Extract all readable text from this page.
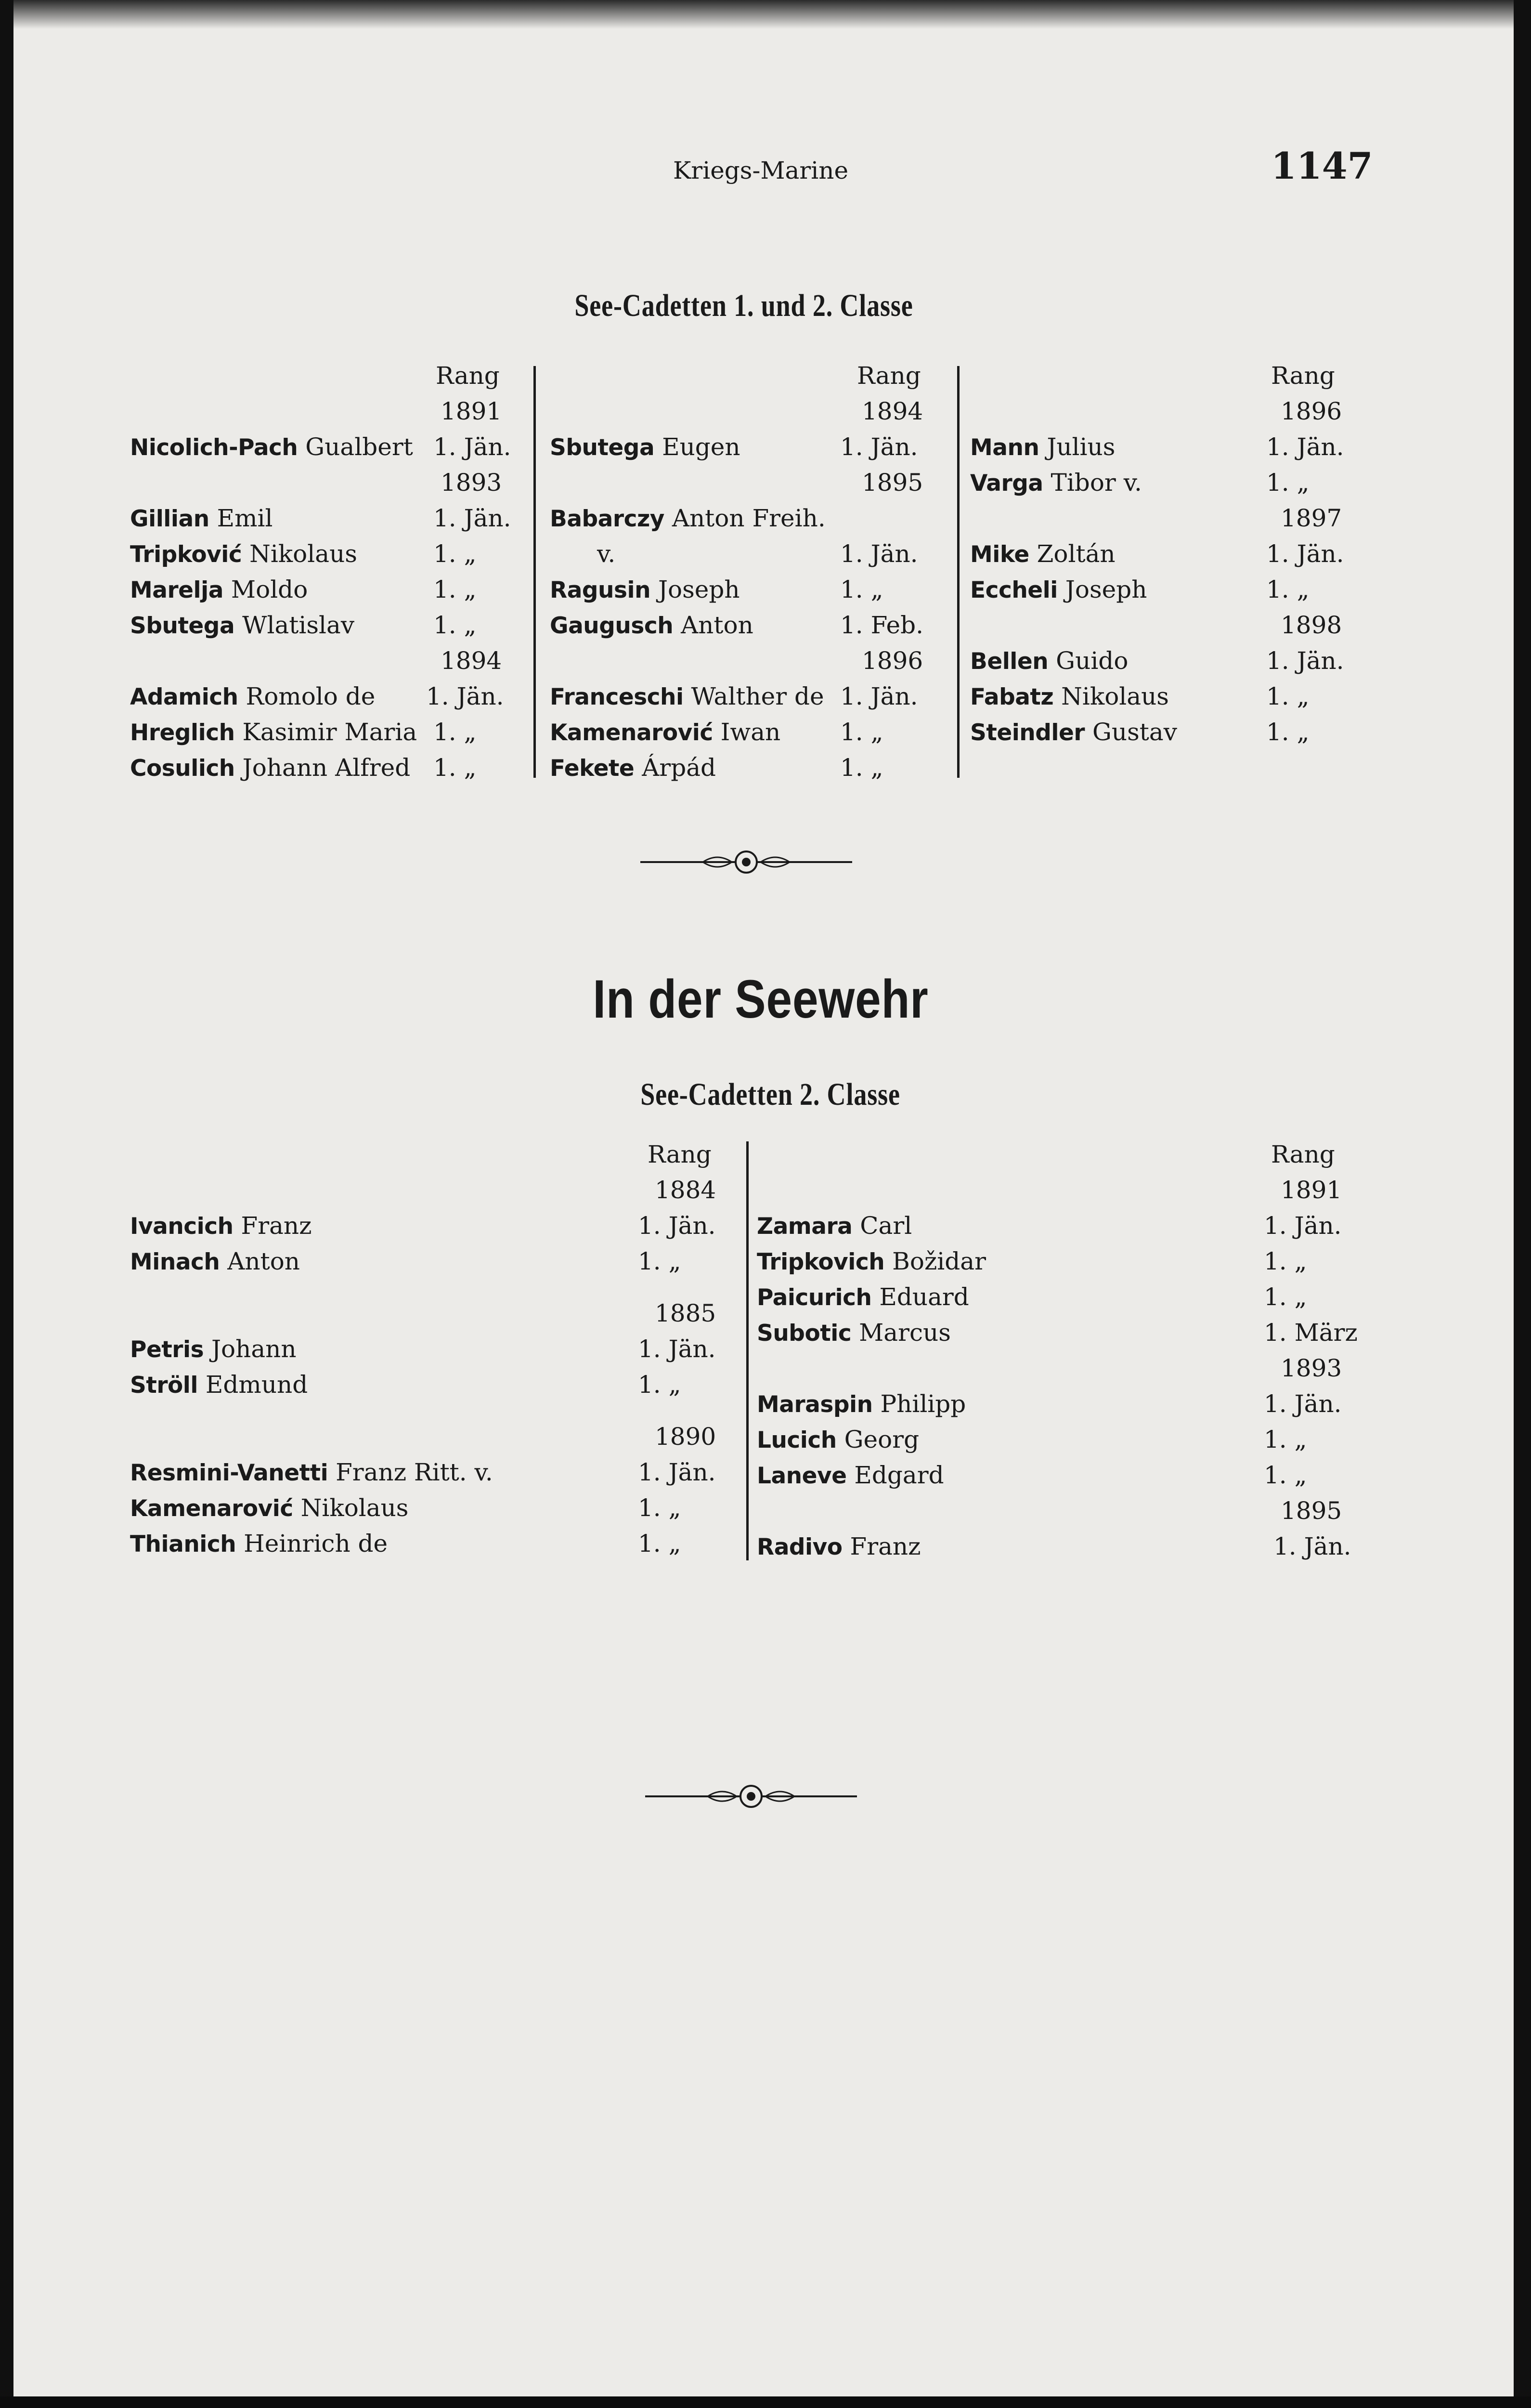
Kriegs-Marine	1147
See-Cadetten 1. und 2. Classe
Rang
1891
Nicolich-Pach Gualbert 1. Jän.
1893
Gillian Emil	1. Jän.
Tripković Nikolaus	1. „
Marelja Moldo	1. „
Sbutega Wlatislav	1. „
1894
Adamich Romolo de 1. Jän.
Hreglich Kasimir Maria 1. „
Cosulich Johann Alfred 1. „
Rang
1894
Sbutega Eugen	1. Jän.
1895
Babarczy Anton Freih.
v.	1. Jän.
Ragusin Joseph	1. „
Gaugusch Anton	1. Feb.
1896
Franceschi Walther de 1. Jän.
Kamenarović Iwan 1. „
Fekete Árpád	1. „
Rang
1896
Mann Julius	1. Jän.
Varga Tibor v.	1. „
1897
Mike Zoltán	1. Jän.
Eccheli Joseph	1. „
1898
Bellen Guido	1. Jän.
Fabatz Nikolaus	1. „
Steindler Gustav	1. „
In der Seewehr
See-Cadetten 2. Classe
Rang
1884
Ivancich Franz	1. Jän.
Minach Anton	1. „
1885
Petris Johann	1. Jän.
Ströll Edmund	1. „
1890
Resmini-Vanetti Franz Ritt. v.	1. Jän.
Kamenarović Nikolaus	1. „
Thianich Heinrich de	1. „
Rang
1891
Zamara Carl	1. Jän.
Tripkovich Božidar	1. „
Paicurich Eduard	1. „
Subotic Marcus	1. März
1893
Maraspin Philipp	1. Jän.
Lucich Georg	1. „
Laneve Edgard	1. „
1895
Radivo Franz	1. Jän.
